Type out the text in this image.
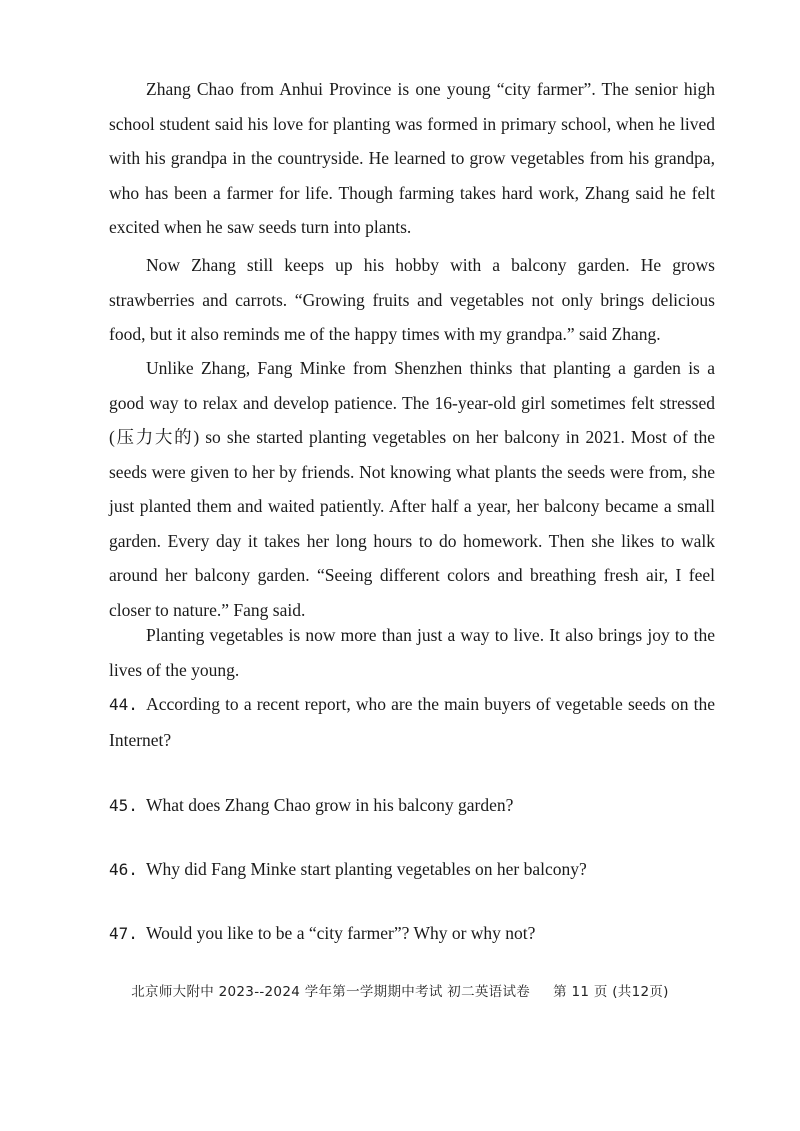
Zhang Chao from Anhui Province is one young “city farmer”. The senior high school student said his love for planting was formed in primary school, when he lived with his grandpa in the countryside. He learned to grow vegetables from his grandpa, who has been a farmer for life. Though farming takes hard work, Zhang said he felt excited when he saw seeds turn into plants.

Now Zhang still keeps up his hobby with a balcony garden. He grows strawberries and carrots. “Growing fruits and vegetables not only brings delicious food, but it also reminds me of the happy times with my grandpa.” said Zhang.

Unlike Zhang, Fang Minke from Shenzhen thinks that planting a garden is a good way to relax and develop patience. The 16-year-old girl sometimes felt stressed (压力大的) so she started planting vegetables on her balcony in 2021. Most of the seeds were given to her by friends. Not knowing what plants the seeds were from, she just planted them and waited patiently. After half a year, her balcony became a small garden. Every day it takes her long hours to do homework. Then she likes to walk around her balcony garden. “Seeing different colors and breathing fresh air, I feel closer to nature.” Fang said.

Planting vegetables is now more than just a way to live. It also brings joy to the lives of the young.

44. According to a recent report, who are the main buyers of vegetable seeds on the Internet?

45. What does Zhang Chao grow in his balcony garden?

46. Why did Fang Minke start planting vegetables on her balcony?

47. Would you like to be a “city farmer”? Why or why not?

北京师大附中 2023--2024 学年第一学期期中考试 初二英语试卷 第 11 页 (共12页)
